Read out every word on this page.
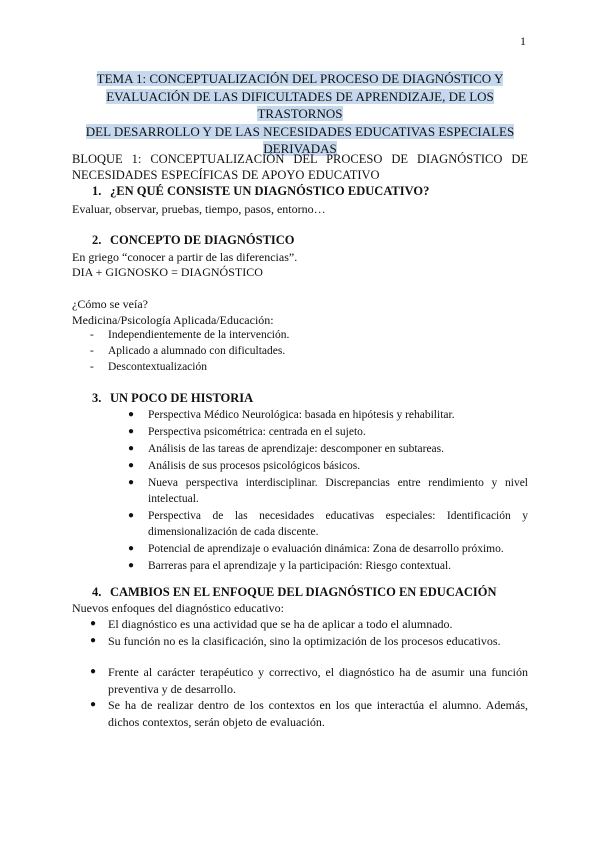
1
TEMA 1: CONCEPTUALIZACIÓN DEL PROCESO DE DIAGNÓSTICO Y
EVALUACIÓN DE LAS DIFICULTADES DE APRENDIZAJE, DE LOS TRASTORNOS
DEL DESARROLLO Y DE LAS NECESIDADES EDUCATIVAS ESPECIALES
DERIVADAS
BLOQUE 1: CONCEPTUALIZACIÓN DEL PROCESO DE DIAGNÓSTICO DE NECESIDADES ESPECÍFICAS DE APOYO EDUCATIVO
1. ¿EN QUÉ CONSISTE UN DIAGNÓSTICO EDUCATIVO?
Evaluar, observar, pruebas, tiempo, pasos, entorno…
2. CONCEPTO DE DIAGNÓSTICO
En griego “conocer a partir de las diferencias”.
DIA + GIGNOSKO = DIAGNÓSTICO
¿Cómo se veía?
Medicina/Psicología Aplicada/Educación:
- Independientemente de la intervención.
- Aplicado a alumnado con dificultades.
- Descontextualización
3. UN POCO DE HISTORIA
● Perspectiva Médico Neurológica: basada en hipótesis y rehabilitar.
● Perspectiva psicométrica: centrada en el sujeto.
● Análisis de las tareas de aprendizaje: descomponer en subtareas.
● Análisis de sus procesos psicológicos básicos.
● Nueva perspectiva interdisciplinar. Discrepancias entre rendimiento y nivel intelectual.
● Perspectiva de las necesidades educativas especiales: Identificación y dimensionalización de cada discente.
● Potencial de aprendizaje o evaluación dinámica: Zona de desarrollo próximo.
● Barreras para el aprendizaje y la participación: Riesgo contextual.
4. CAMBIOS EN EL ENFOQUE DEL DIAGNÓSTICO EN EDUCACIÓN
Nuevos enfoques del diagnóstico educativo:
● El diagnóstico es una actividad que se ha de aplicar a todo el alumnado.
● Su función no es la clasificación, sino la optimización de los procesos educativos.
● Frente al carácter terapéutico y correctivo, el diagnóstico ha de asumir una función preventiva y de desarrollo.
● Se ha de realizar dentro de los contextos en los que interactúa el alumno. Además, dichos contextos, serán objeto de evaluación.
